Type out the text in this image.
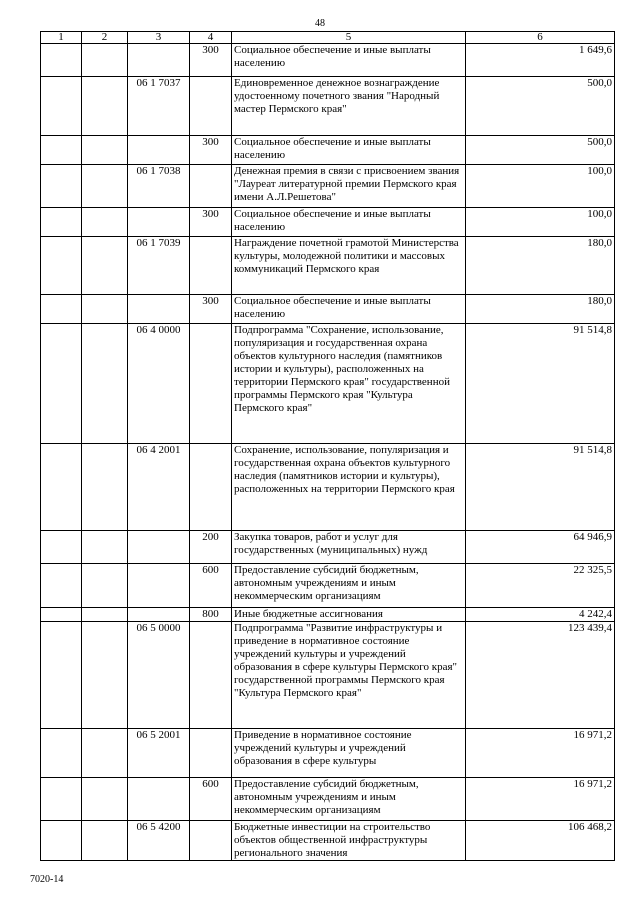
48
1	2	3	4	5	6
			300	Социальное обеспечение и иные выплаты населению	1 649,6
		06 1 7037		Единовременное денежное вознаграждение удостоенному почетного звания "Народный мастер Пермского края"	500,0
			300	Социальное обеспечение и иные выплаты населению	500,0
		06 1 7038		Денежная премия в связи с присвоением звания "Лауреат литературной премии Пермского края имени А.Л.Решетова"	100,0
			300	Социальное обеспечение и иные выплаты населению	100,0
		06 1 7039		Награждение почетной грамотой Министерства культуры, молодежной политики и массовых коммуникаций Пермского края	180,0
			300	Социальное обеспечение и иные выплаты населению	180,0
		06 4 0000		Подпрограмма "Сохранение, использование, популяризация и государственная охрана объектов культурного наследия (памятников истории и культуры), расположенных на территории Пермского края" государственной программы Пермского края "Культура Пермского края"	91 514,8
		06 4 2001		Сохранение, использование, популяризация и государственная охрана объектов культурного наследия (памятников истории и культуры), расположенных на территории Пермского края	91 514,8
			200	Закупка товаров, работ и услуг для государственных (муниципальных) нужд	64 946,9
			600	Предоставление субсидий бюджетным, автономным учреждениям и иным некоммерческим организациям	22 325,5
			800	Иные бюджетные ассигнования	4 242,4
		06 5 0000		Подпрограмма "Развитие инфраструктуры и приведение в нормативное состояние учреждений культуры и учреждений образования в сфере культуры Пермского края" государственной программы Пермского края "Культура Пермского края"	123 439,4
		06 5 2001		Приведение в нормативное состояние учреждений культуры и учреждений образования в сфере культуры	16 971,2
			600	Предоставление субсидий бюджетным, автономным учреждениям и иным некоммерческим организациям	16 971,2
		06 5 4200		Бюджетные инвестиции на строительство объектов общественной инфраструктуры регионального значения	106 468,2
7020-14
